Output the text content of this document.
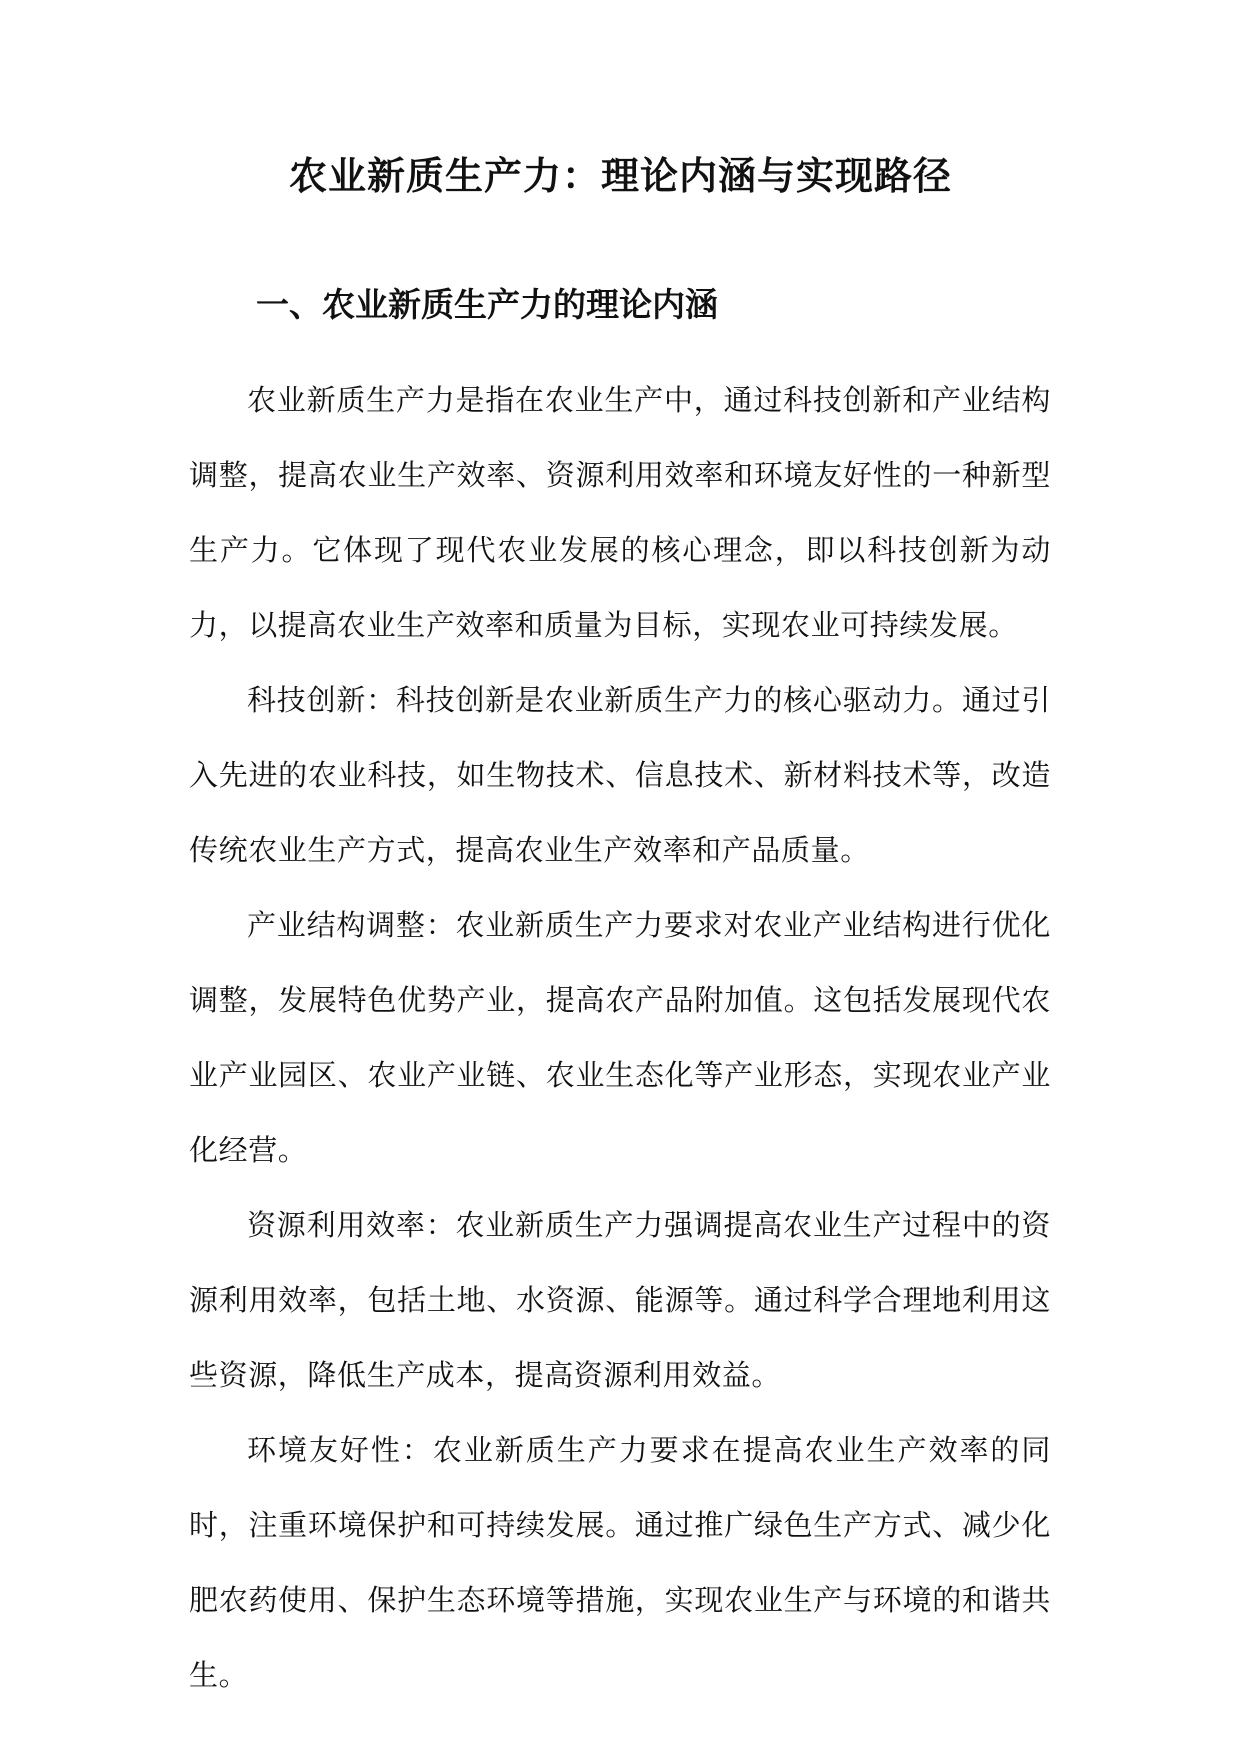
农业新质生产力：理论内涵与实现路径
一、农业新质生产力的理论内涵

农业新质生产力是指在农业生产中，通过科技创新和产业结构调整，提高农业生产效率、资源利用效率和环境友好性的一种新型生产力。它体现了现代农业发展的核心理念，即以科技创新为动力，以提高农业生产效率和质量为目标，实现农业可持续发展。

科技创新：科技创新是农业新质生产力的核心驱动力。通过引入先进的农业科技，如生物技术、信息技术、新材料技术等，改造传统农业生产方式，提高农业生产效率和产品质量。

产业结构调整：农业新质生产力要求对农业产业结构进行优化调整，发展特色优势产业，提高农产品附加值。这包括发展现代农业产业园区、农业产业链、农业生态化等产业形态，实现农业产业化经营。

资源利用效率：农业新质生产力强调提高农业生产过程中的资源利用效率，包括土地、水资源、能源等。通过科学合理地利用这些资源，降低生产成本，提高资源利用效益。

环境友好性：农业新质生产力要求在提高农业生产效率的同时，注重环境保护和可持续发展。通过推广绿色生产方式、减少化肥农药使用、保护生态环境等措施，实现农业生产与环境的和谐共生。
